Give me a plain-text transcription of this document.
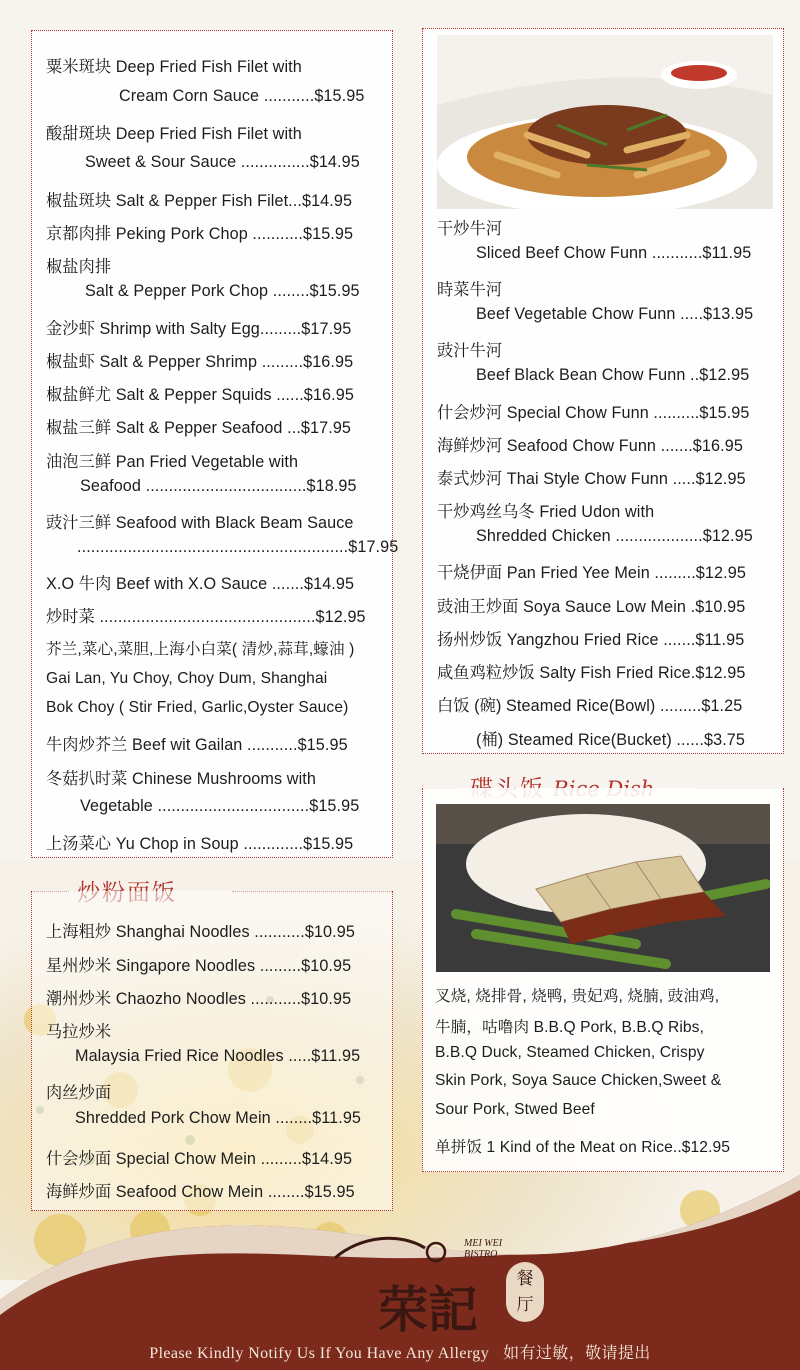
粟米斑块 Deep Fried Fish Filet with
Cream Corn Sauce ...........$15.95
酸甜斑块 Deep Fried Fish Filet with
Sweet & Sour Sauce ...............$14.95
椒盐斑块 Salt & Pepper Fish Filet...$14.95
京都肉排 Peking Pork Chop ...........$15.95
椒盐肉排
Salt & Pepper Pork Chop ........$15.95
金沙虾 Shrimp with Salty Egg.........$17.95
椒盐虾 Salt & Pepper Shrimp .........$16.95
椒盐鲜尤 Salt & Pepper Squids ......$16.95
椒盐三鲜 Salt & Pepper Seafood ...$17.95
油泡三鲜 Pan Fried Vegetable with
Seafood ...................................$18.95
豉汁三鲜 Seafood with Black Beam Sauce
...........................................................$17.95
X.O 牛肉 Beef with X.O Sauce .......$14.95
炒时菜 ...............................................$12.95
芥兰,菜心,菜胆,上海小白菜( 清炒,蒜茸,蠔油 )
Gai Lan, Yu Choy, Choy Dum, Shanghai
Bok Choy ( Stir Fried, Garlic,Oyster Sauce)
牛肉炒芥兰 Beef wit Gailan ...........$15.95
冬菇扒时菜 Chinese Mushrooms with
Vegetable .................................$15.95
上汤菜心 Yu Chop in Soup .............$15.95
上海粗炒 Shanghai Noodles ...........$10.95
星州炒米 Singapore Noodles .........$10.95
潮州炒米 Chaozho Noodles ...........$10.95
马拉炒米
Malaysia Fried Rice Noodles .....$11.95
肉丝炒面
Shredded Pork Chow Mein ........$11.95
什会炒面 Special Chow Mein .........$14.95
海鲜炒面 Seafood Chow Mein ........$15.95
干炒牛河
Sliced Beef Chow Funn ...........$11.95
時菜牛河
Beef Vegetable Chow Funn .....$13.95
豉汁牛河
Beef Black Bean Chow Funn ..$12.95
什会炒河 Special Chow Funn ..........$15.95
海鲜炒河 Seafood Chow Funn .......$16.95
泰式炒河 Thai Style Chow Funn .....$12.95
干炒鸡丝乌冬 Fried Udon with
Shredded Chicken ...................$12.95
干烧伊面 Pan Fried Yee Mein .........$12.95
豉油王炒面 Soya Sauce Low Mein .$10.95
扬州炒饭 Yangzhou Fried Rice .......$11.95
咸鱼鸡粒炒饭 Salty Fish Fried Rice.$12.95
白饭 (碗) Steamed Rice(Bowl) .........$1.25
(桶) Steamed Rice(Bucket) ......$3.75
叉烧, 烧排骨, 烧鸭, 贵妃鸡, 烧腩, 豉油鸡,
牛腩，咕噜肉 B.B.Q Pork, B.B.Q Ribs,
B.B.Q Duck, Steamed Chicken, Crispy
Skin Pork, Soya Sauce Chicken,Sweet &
Sour Pork, Stwed Beef
单拼饭 1 Kind of the Meat on Rice..$12.95
MEI WEI
BISTRO
荣記
餐
厅
Please Kindly Notify Us If You Have Any Allergy 如有过敏，敬请提出
